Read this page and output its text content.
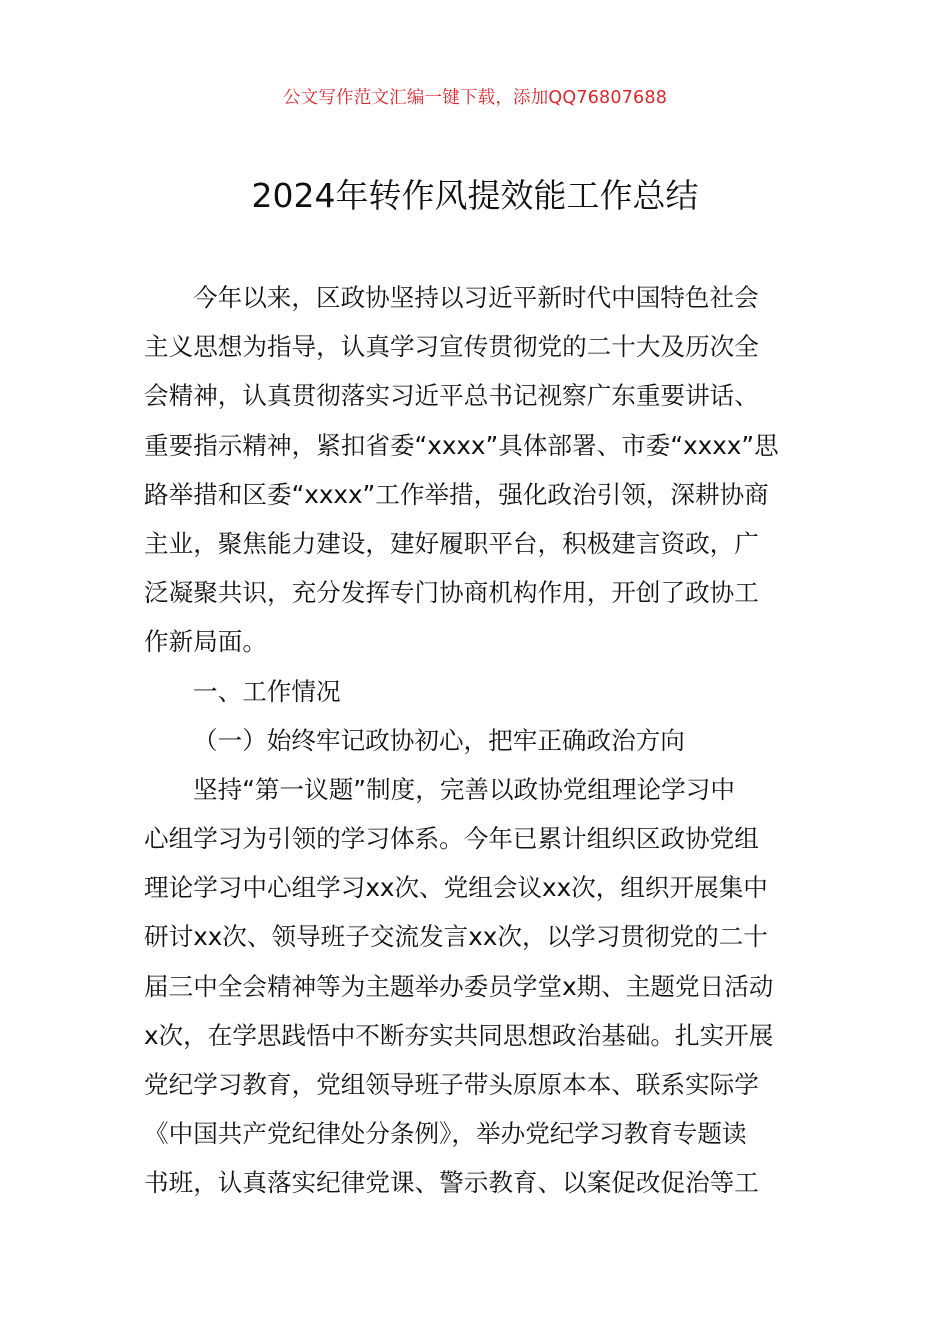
公文写作范文汇编一键下载，添加QQ76807688
2024年转作风提效能工作总结
今年以来，区政协坚持以习近平新时代中国特色社会
主义思想为指导，认真学习宣传贯彻党的二十大及历次全
会精神，认真贯彻落实习近平总书记视察广东重要讲话、
重要指示精神，紧扣省委“xxxx”具体部署、市委“xxxx”思
路举措和区委“xxxx”工作举措，强化政治引领，深耕协商
主业，聚焦能力建设，建好履职平台，积极建言资政，广
泛凝聚共识，充分发挥专门协商机构作用，开创了政协工
作新局面。
一、工作情况
（一）始终牢记政协初心，把牢正确政治方向
坚持“第一议题”制度，完善以政协党组理论学习中
心组学习为引领的学习体系。今年已累计组织区政协党组
理论学习中心组学习xx次、党组会议xx次，组织开展集中
研讨xx次、领导班子交流发言xx次，以学习贯彻党的二十
届三中全会精神等为主题举办委员学堂x期、主题党日活动
x次，在学思践悟中不断夯实共同思想政治基础。扎实开展
党纪学习教育，党组领导班子带头原原本本、联系实际学
《中国共产党纪律处分条例》，举办党纪学习教育专题读
书班，认真落实纪律党课、警示教育、以案促改促治等工
